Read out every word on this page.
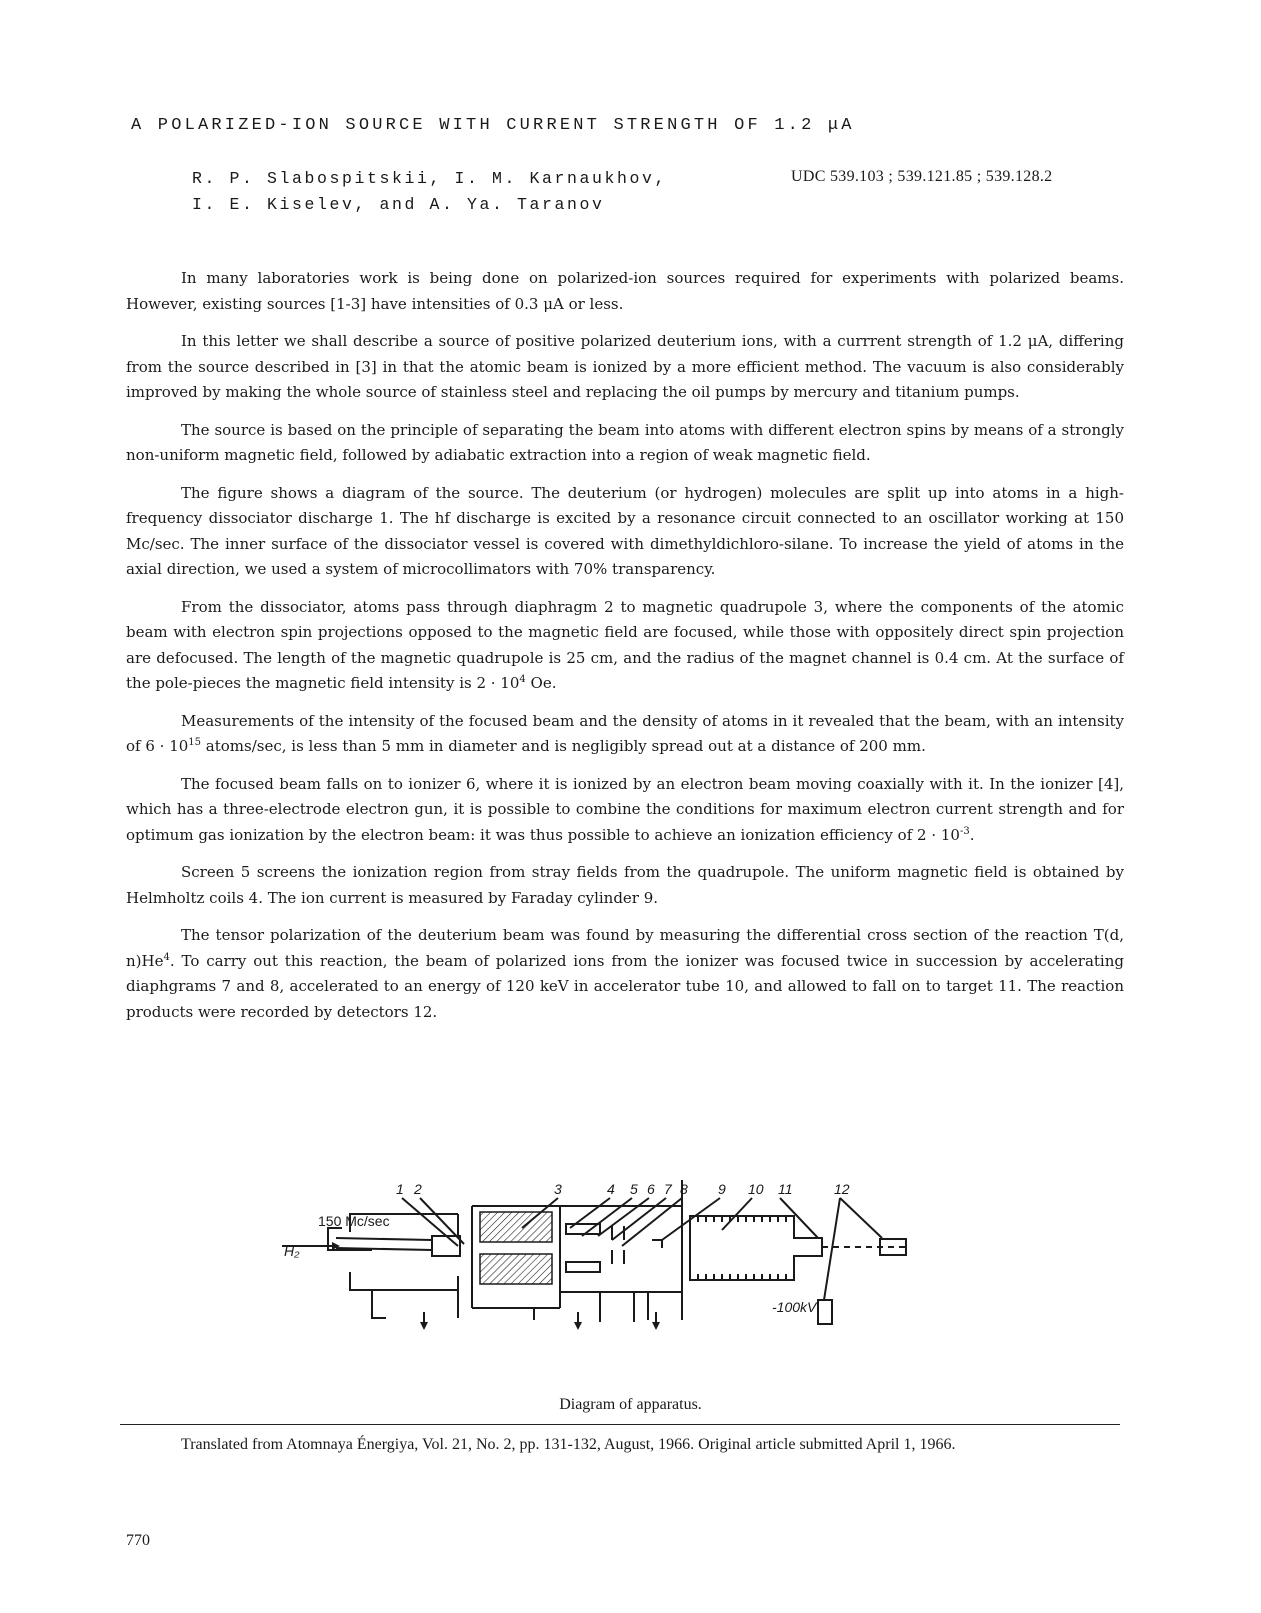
A POLARIZED-ION SOURCE WITH CURRENT STRENGTH OF 1.2 μA
R. P. Slabospitskii, I. M. Karnaukhov,
I. E. Kiselev, and A. Ya. Taranov
UDC 539.103 ; 539.121.85 ; 539.128.2

In many laboratories work is being done on polarized-ion sources required for experiments with polarized beams. However, existing sources [1-3] have intensities of 0.3 μA or less.

In this letter we shall describe a source of positive polarized deuterium ions, with a currrent strength of 1.2 μA, differing from the source described in [3] in that the atomic beam is ionized by a more efficient method. The vacuum is also considerably improved by making the whole source of stainless steel and replacing the oil pumps by mercury and titanium pumps.

The source is based on the principle of separating the beam into atoms with different electron spins by means of a strongly non-uniform magnetic field, followed by adiabatic extraction into a region of weak magnetic field.

The figure shows a diagram of the source. The deuterium (or hydrogen) molecules are split up into atoms in a high-frequency dissociator discharge 1. The hf discharge is excited by a resonance circuit connected to an oscillator working at 150 Mc/sec. The inner surface of the dissociator vessel is covered with dimethyldichloro-silane. To increase the yield of atoms in the axial direction, we used a system of microcollimators with 70% transparency.

From the dissociator, atoms pass through diaphragm 2 to magnetic quadrupole 3, where the components of the atomic beam with electron spin projections opposed to the magnetic field are focused, while those with oppositely direct spin projection are defocused. The length of the magnetic quadrupole is 25 cm, and the radius of the magnet channel is 0.4 cm. At the surface of the pole-pieces the magnetic field intensity is $2 \cdot 10^4$ Oe.

Measurements of the intensity of the focused beam and the density of atoms in it revealed that the beam, with an intensity of $6 \cdot 10^{15}$ atoms/sec, is less than 5 mm in diameter and is negligibly spread out at a distance of 200 mm.

The focused beam falls on to ionizer 6, where it is ionized by an electron beam moving coaxially with it. In the ionizer [4], which has a three-electrode electron gun, it is possible to combine the conditions for maximum electron current strength and for optimum gas ionization by the electron beam: it was thus possible to achieve an ionization efficiency of $2 \cdot 10^{-3}$.

Screen 5 screens the ionization region from stray fields from the quadrupole. The uniform magnetic field is obtained by Helmholtz coils 4. The ion current is measured by Faraday cylinder 9.

The tensor polarization of the deuterium beam was found by measuring the differential cross section of the reaction T(d, n)He$^4$. To carry out this reaction, the beam of polarized ions from the ionizer was focused twice in succession by accelerating diaphgrams 7 and 8, accelerated to an energy of 120 keV in accelerator tube 10, and allowed to fall on to target 11. The reaction products were recorded by detectors 12.

1 2	3	4 5 6 7 8 9 10 11	12
150 Mc/sec
H₂
-100kV
Diagram of apparatus.
Translated from Atomnaya Énergiya, Vol. 21, No. 2, pp. 131-132, August, 1966. Original article submitted April 1, 1966.
770
